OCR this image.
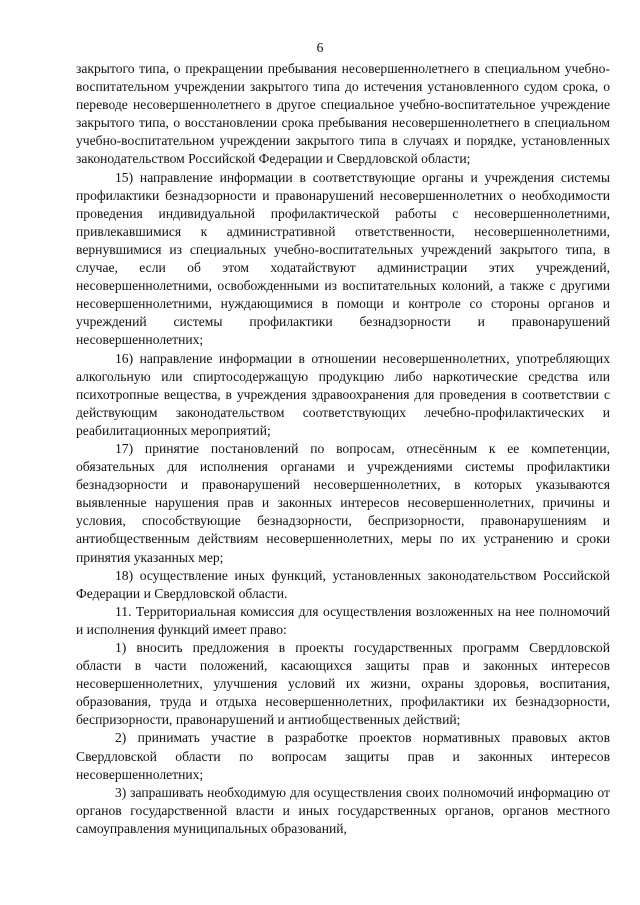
6

закрытого типа, о прекращении пребывания несовершеннолетнего в специальном учебно-воспитательном учреждении закрытого типа до истечения установленного судом срока, о переводе несовершеннолетнего в другое специальное учебно-воспитательное учреждение закрытого типа, о восстановлении срока пребывания несовершеннолетнего в специальном учебно-воспитательном учреждении закрытого типа в случаях и порядке, установленных законодательством Российской Федерации и Свердловской области;

15) направление информации в соответствующие органы и учреждения системы профилактики безнадзорности и правонарушений несовершеннолетних о необходимости проведения индивидуальной профилактической работы с несовершеннолетними, привлекавшимися к административной ответственности, несовершеннолетними, вернувшимися из специальных учебно-воспитательных учреждений закрытого типа, в случае, если об этом ходатайствуют администрации этих учреждений, несовершеннолетними, освобожденными из воспитательных колоний, а также с другими несовершеннолетними, нуждающимися в помощи и контроле со стороны органов и учреждений системы профилактики безнадзорности и правонарушений несовершеннолетних;

16) направление информации в отношении несовершеннолетних, употребляющих алкогольную или спиртосодержащую продукцию либо наркотические средства или психотропные вещества, в учреждения здравоохранения для проведения в соответствии с действующим законодательством соответствующих лечебно-профилактических и реабилитационных мероприятий;

17) принятие постановлений по вопросам, отнесённым к ее компетенции, обязательных для исполнения органами и учреждениями системы профилактики безнадзорности и правонарушений несовершеннолетних, в которых указываются выявленные нарушения прав и законных интересов несовершеннолетних, причины и условия, способствующие безнадзорности, беспризорности, правонарушениям и антиобщественным действиям несовершеннолетних, меры по их устранению и сроки принятия указанных мер;

18) осуществление иных функций, установленных законодательством Российской Федерации и Свердловской области.

11. Территориальная комиссия для осуществления возложенных на нее полномочий и исполнения функций имеет право:

1) вносить предложения в проекты государственных программ Свердловской области в части положений, касающихся защиты прав и законных интересов несовершеннолетних, улучшения условий их жизни, охраны здоровья, воспитания, образования, труда и отдыха несовершеннолетних, профилактики их безнадзорности, беспризорности, правонарушений и антиобщественных действий;

2) принимать участие в разработке проектов нормативных правовых актов Свердловской области по вопросам защиты прав и законных интересов несовершеннолетних;

3) запрашивать необходимую для осуществления своих полномочий информацию от органов государственной власти и иных государственных органов, органов местного самоуправления муниципальных образований,
